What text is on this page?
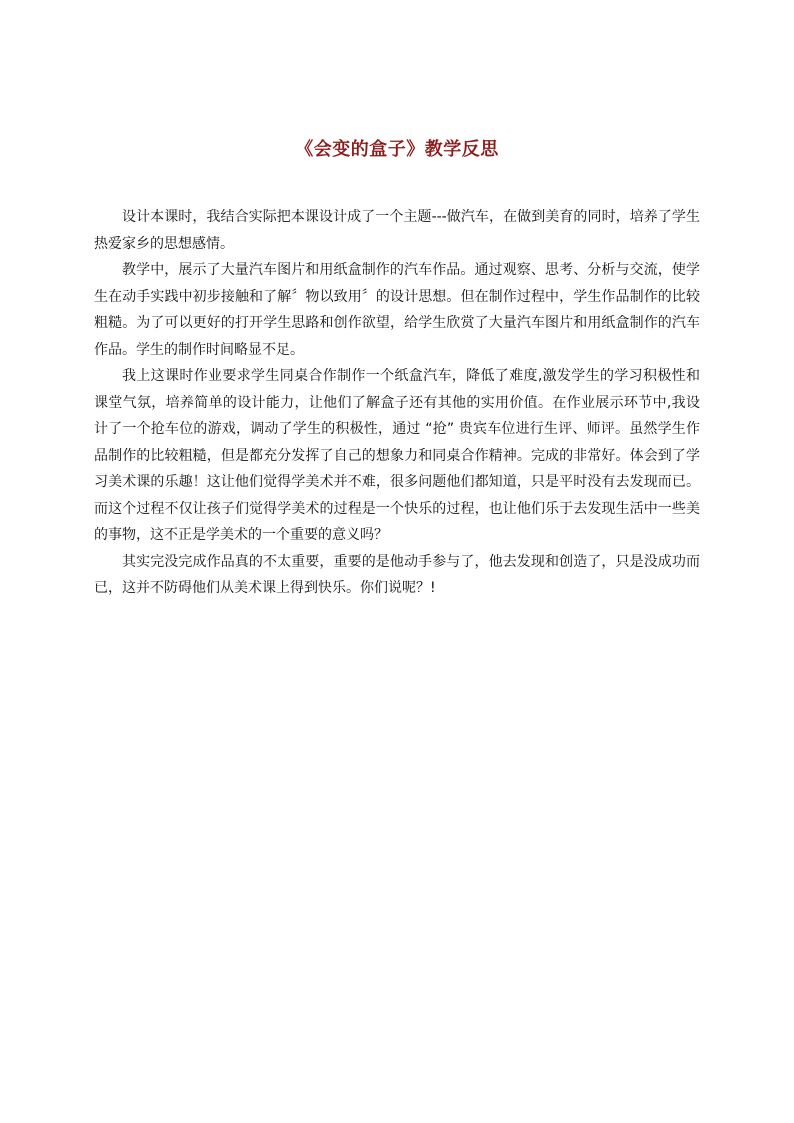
《会变的盒子》教学反思

设计本课时，我结合实际把本课设计成了一个主题---做汽车，在做到美育的同时，培养了学生热爱家乡的思想感情。

教学中，展示了大量汽车图片和用纸盒制作的汽车作品。通过观察、思考、分析与交流，使学生在动手实践中初步接触和了解〞物以致用〞的设计思想。但在制作过程中，学生作品制作的比较粗糙。为了可以更好的打开学生思路和创作欲望，给学生欣赏了大量汽车图片和用纸盒制作的汽车作品。学生的制作时间略显不足。

我上这课时作业要求学生同桌合作制作一个纸盒汽车，降低了难度,激发学生的学习积极性和课堂气氛，培养简单的设计能力，让他们了解盒子还有其他的实用价值。在作业展示环节中,我设计了一个抢车位的游戏，调动了学生的积极性，通过 “抢” 贵宾车位进行生评、师评。虽然学生作品制作的比较粗糙，但是都充分发挥了自己的想象力和同桌合作精神。完成的非常好。体会到了学习美术课的乐趣！这让他们觉得学美术并不难，很多问题他们都知道，只是平时没有去发现而已。而这个过程不仅让孩子们觉得学美术的过程是一个快乐的过程，也让他们乐于去发现生活中一些美的事物，这不正是学美术的一个重要的意义吗？

其实完没完成作品真的不太重要，重要的是他动手参与了，他去发现和创造了，只是没成功而已，这并不防碍他们从美术课上得到快乐。你们说呢？!
